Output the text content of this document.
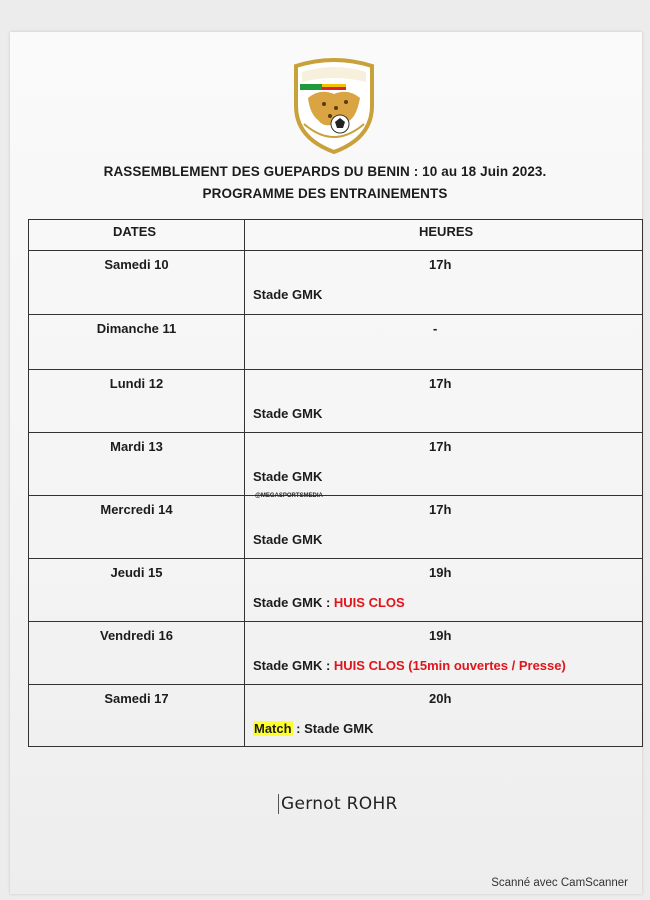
RASSEMBLEMENT DES GUEPARDS DU BENIN : 10 au 18 Juin 2023.
PROGRAMME DES ENTRAINEMENTS
DATES	HEURES

Samedi 10	17h
Stade GMK

Dimanche 11	-

Lundi 12	17h
Stade GMK

Mardi 13	17h
Stade GMK
@MEGASPORTSMEDIA

Mercredi 14	17h
Stade GMK

Jeudi 15	19h
Stade GMK : HUIS CLOS

Vendredi 16	19h
Stade GMK : HUIS CLOS (15min ouvertes / Presse)

Samedi 17	20h
Match : Stade GMK
Gernot ROHR
Scanné avec CamScanner
